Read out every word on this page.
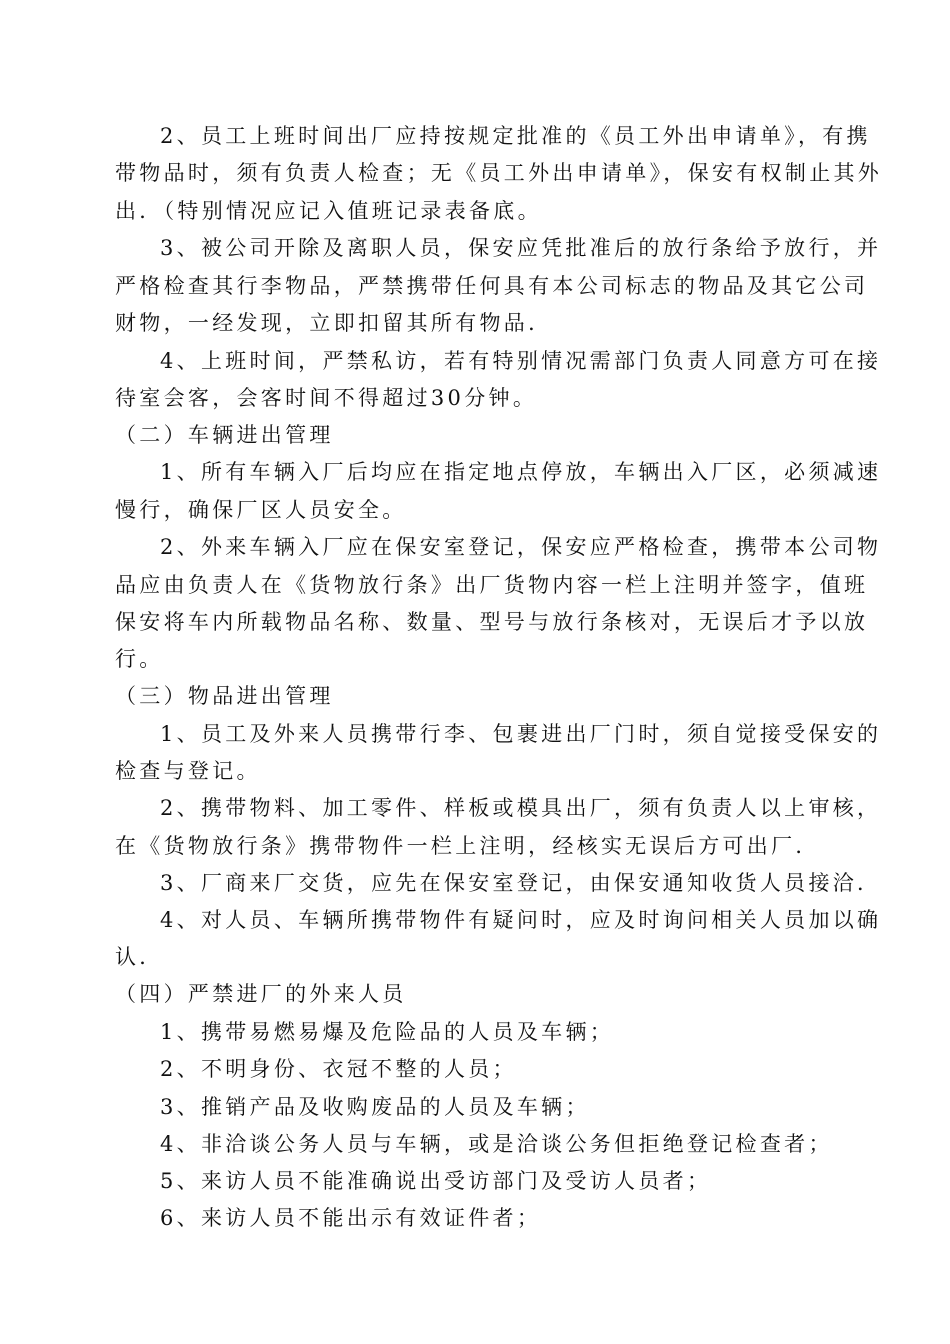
2、员工上班时间出厂应持按规定批准的《员工外出申请单》，有携
带物品时，须有负责人检查；无《员工外出申请单》，保安有权制止其外
出．（特别情况应记入值班记录表备底。
3、被公司开除及离职人员，保安应凭批准后的放行条给予放行，并
严格检查其行李物品，严禁携带任何具有本公司标志的物品及其它公司
财物，一经发现，立即扣留其所有物品．
4、上班时间，严禁私访，若有特别情况需部门负责人同意方可在接
待室会客，会客时间不得超过30分钟。
（二）车辆进出管理
1、所有车辆入厂后均应在指定地点停放，车辆出入厂区，必须减速
慢行，确保厂区人员安全。
2、外来车辆入厂应在保安室登记，保安应严格检查，携带本公司物
品应由负责人在《货物放行条》出厂货物内容一栏上注明并签字，值班
保安将车内所载物品名称、数量、型号与放行条核对，无误后才予以放
行。
（三）物品进出管理
1、员工及外来人员携带行李、包裹进出厂门时，须自觉接受保安的
检查与登记。
2、携带物料、加工零件、样板或模具出厂，须有负责人以上审核，
在《货物放行条》携带物件一栏上注明，经核实无误后方可出厂．
3、厂商来厂交货，应先在保安室登记，由保安通知收货人员接洽．
4、对人员、车辆所携带物件有疑问时，应及时询问相关人员加以确
认．
（四）严禁进厂的外来人员
1、携带易燃易爆及危险品的人员及车辆；
2、不明身份、衣冠不整的人员；
3、推销产品及收购废品的人员及车辆；
4、非洽谈公务人员与车辆，或是洽谈公务但拒绝登记检查者；
5、来访人员不能准确说出受访部门及受访人员者；
6、来访人员不能出示有效证件者；
